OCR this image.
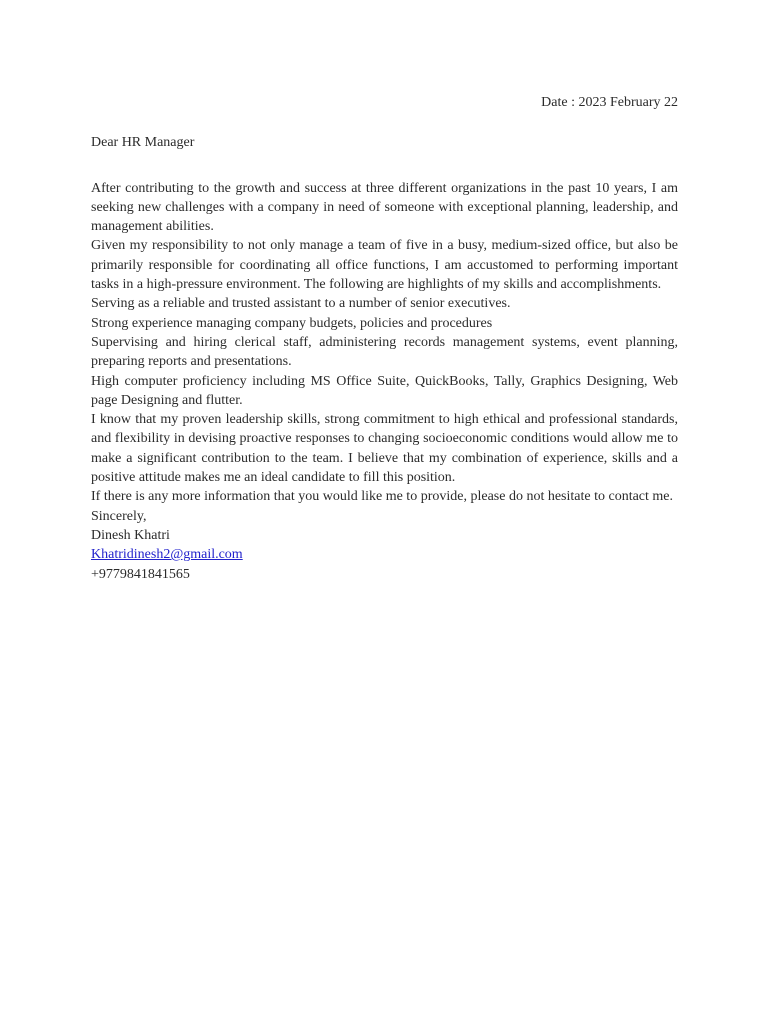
Date : 2023 February 22

Dear HR Manager

After contributing to the growth and success at three different organizations in the past 10 years, I am seeking new challenges with a company in need of someone with exceptional planning, leadership, and management abilities.

Given my responsibility to not only manage a team of five in a busy, medium-sized office, but also be primarily responsible for coordinating all office functions, I am accustomed to performing important tasks in a high-pressure environment. The following are highlights of my skills and accomplishments.

Serving as a reliable and trusted assistant to a number of senior executives.

Strong experience managing company budgets, policies and procedures

Supervising and hiring clerical staff, administering records management systems, event planning, preparing reports and presentations.

High computer proficiency including MS Office Suite, QuickBooks, Tally, Graphics Designing, Web page Designing and flutter.

I know that my proven leadership skills, strong commitment to high ethical and professional standards, and flexibility in devising proactive responses to changing socioeconomic conditions would allow me to make a significant contribution to the team. I believe that my combination of experience, skills and a positive attitude makes me an ideal candidate to fill this position.

If there is any more information that you would like me to provide, please do not hesitate to contact me.

Sincerely,

Dinesh Khatri

Khatridinesh2@gmail.com

+9779841841565
